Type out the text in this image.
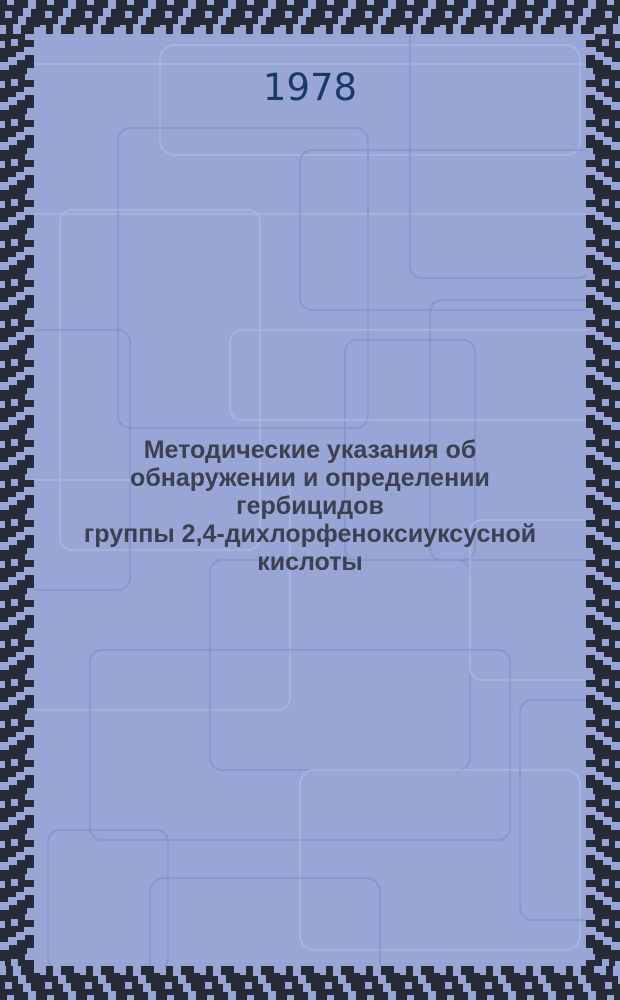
1978
Методические указания об
обнаружении и определении
гербицидов
группы 2,4-дихлорфеноксиуксусной
кислоты
